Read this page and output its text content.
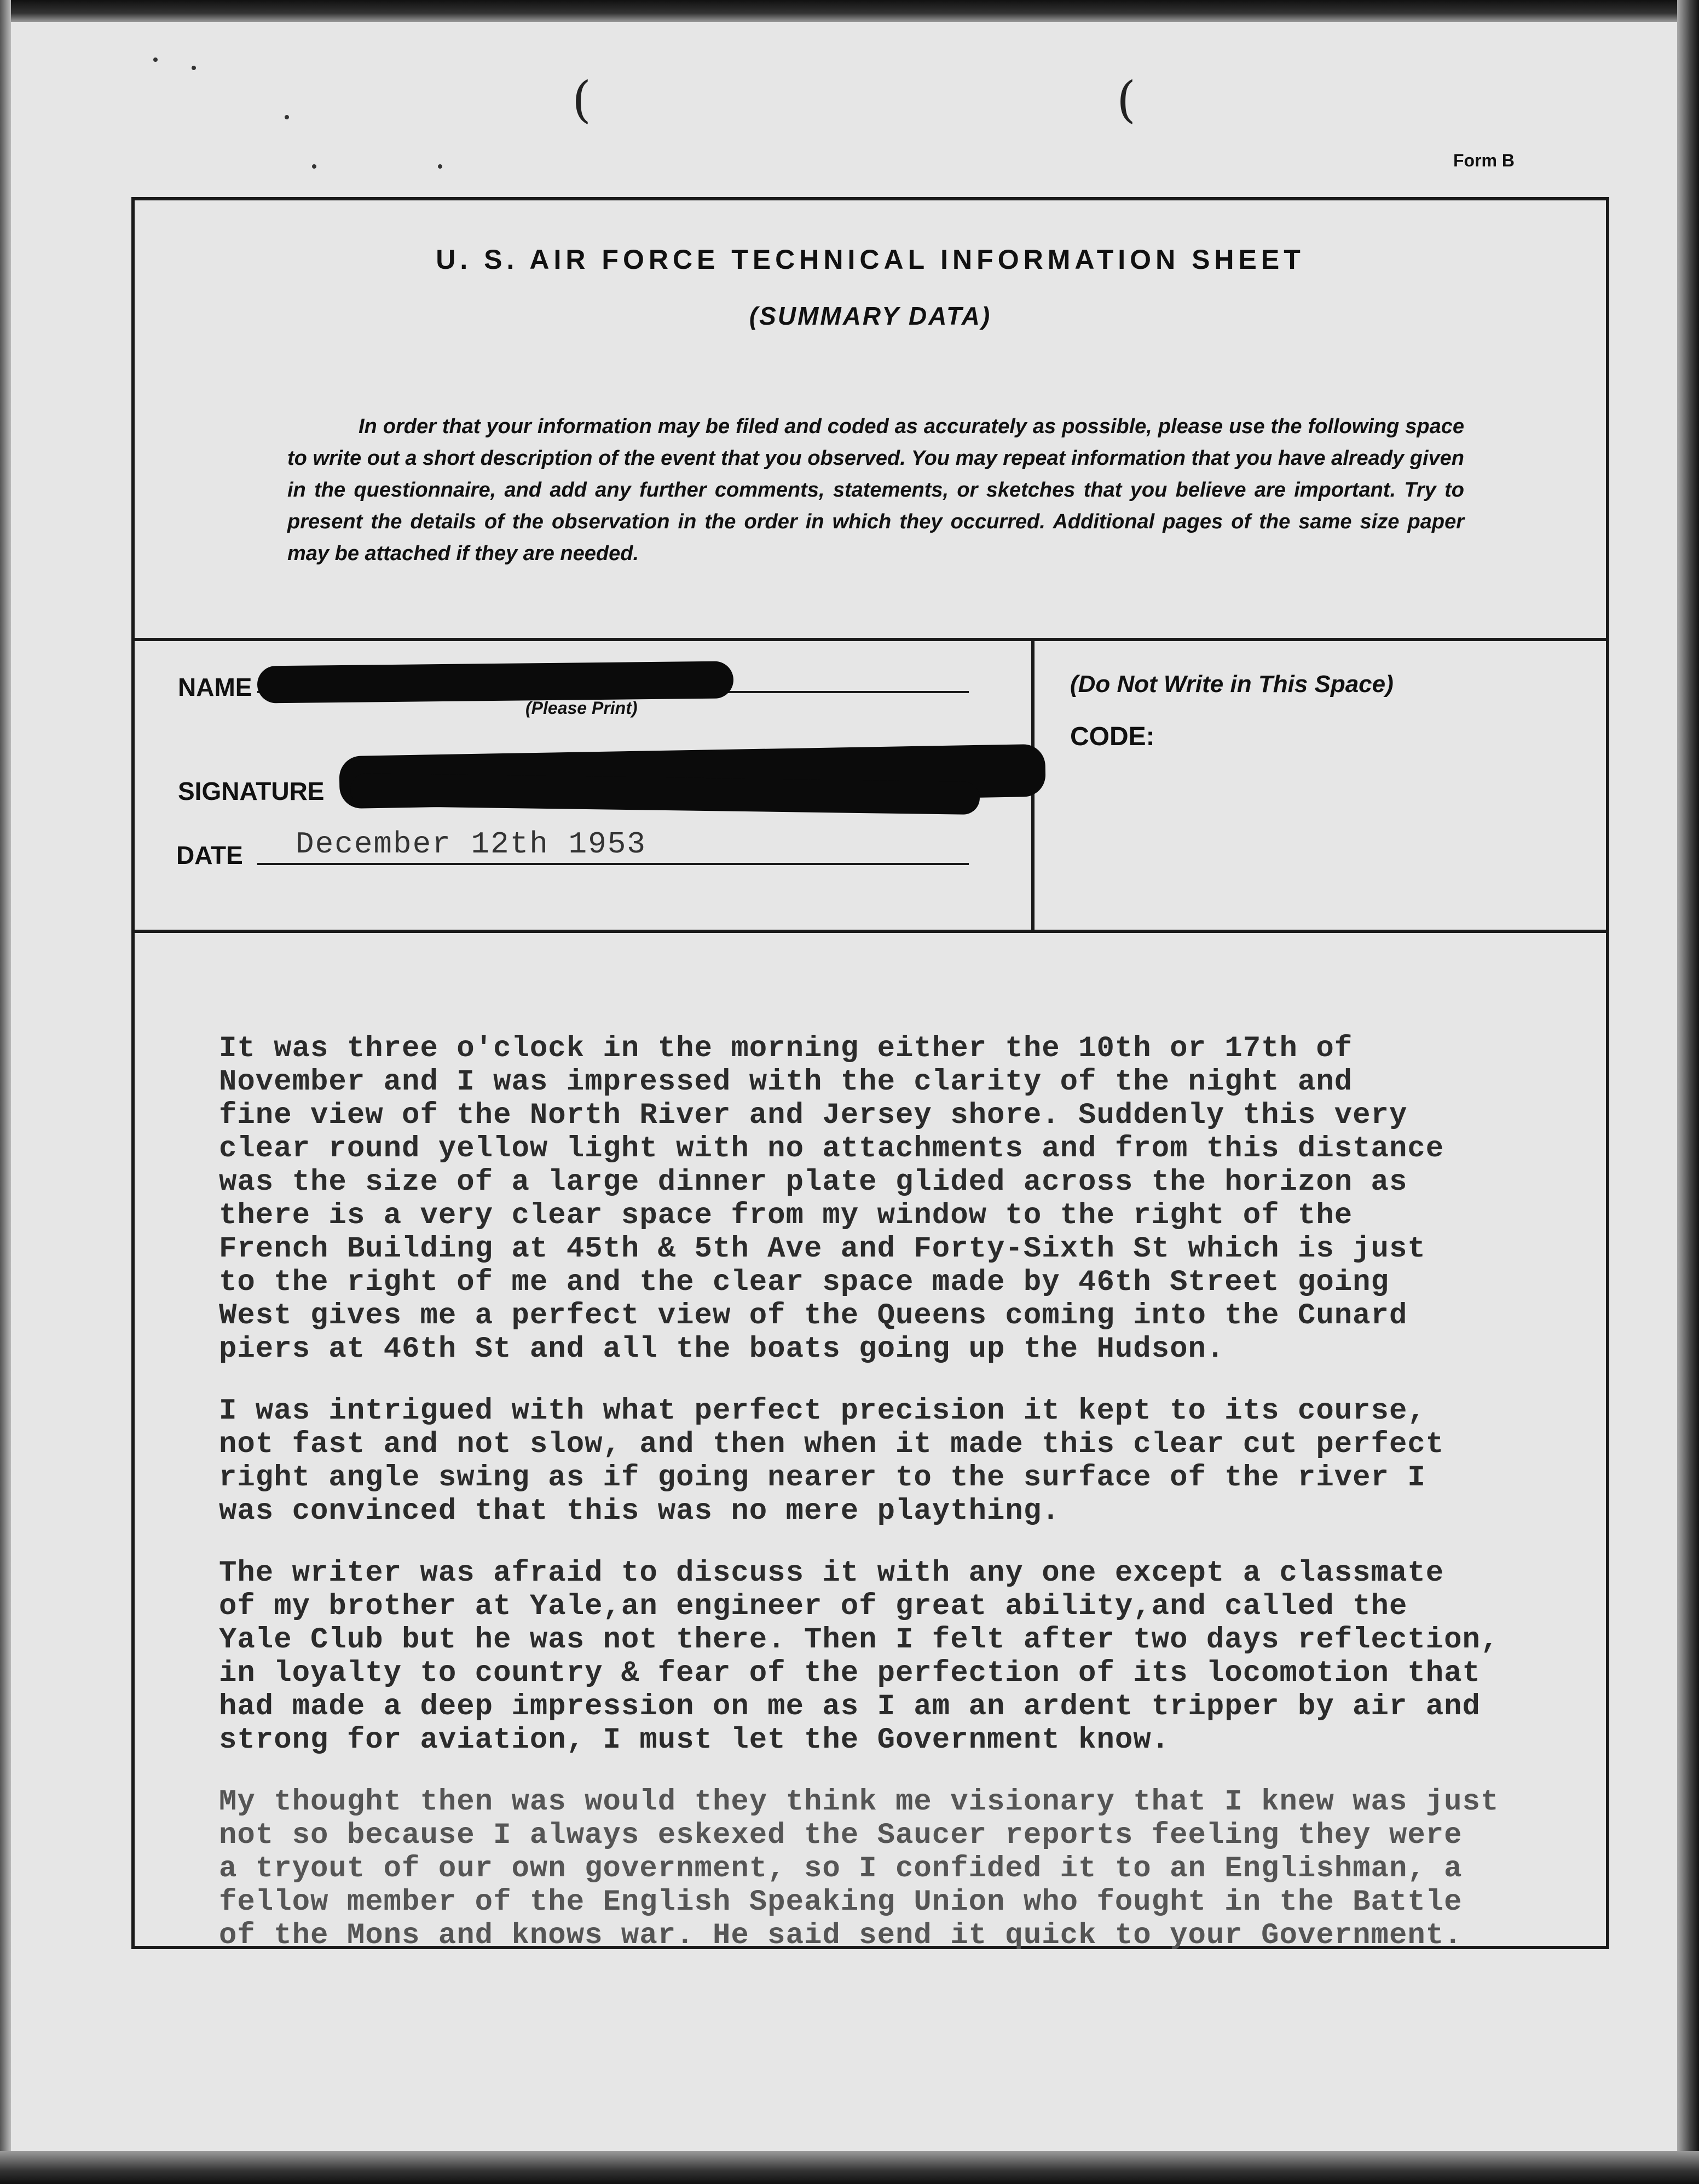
(	(
Form B
U. S. AIR FORCE TECHNICAL INFORMATION SHEET
(SUMMARY DATA)

In order that your information may be filed and coded as accurately as possible, please use the following space to write out a short description of the event that you observed. You may repeat information that you have already given in the questionnaire, and add any further comments, statements, or sketches that you believe are important. Try to present the details of the observation in the order in which they occurred. Additional pages of the same size paper may be attached if they are needed.

NAME
(Please Print)
SIGNATURE
DATE December 12th 1953
(Do Not Write in This Space)
CODE:

It was three o'clock in the morning either the 10th or 17th of
November and I was impressed with the clarity of the night and
fine view of the North River and Jersey shore. Suddenly this very
clear round yellow light with no attachments and from this distance
was the size of a large dinner plate glided across the horizon as
there is a very clear space from my window to the right of the
French Building at 45th & 5th Ave and Forty-Sixth St which is just
to the right of me and the clear space made by 46th Street going
West gives me a perfect view of the Queens coming into the Cunard
piers at 46th St and all the boats going up the Hudson.

I was intrigued with what perfect precision it kept to its course,
not fast and not slow, and then when it made this clear cut perfect
right angle swing as if going nearer to the surface of the river I
was convinced that this was no mere plaything.

The writer was afraid to discuss it with any one except a classmate
of my brother at Yale,an engineer of great ability,and called the
Yale Club but he was not there. Then I felt after two days reflection,
in loyalty to country & fear of the perfection of its locomotion that
had made a deep impression on me as I am an ardent tripper by air and
strong for aviation, I must let the Government know.

My thought then was would they think me visionary that I knew was just
not so because I always eskexed the Saucer reports feeling they were
a tryout of our own government, so I confided it to an Englishman, a
fellow member of the English Speaking Union who fought in the Battle
of the Mons and knows war. He said send it quick to your Government.
